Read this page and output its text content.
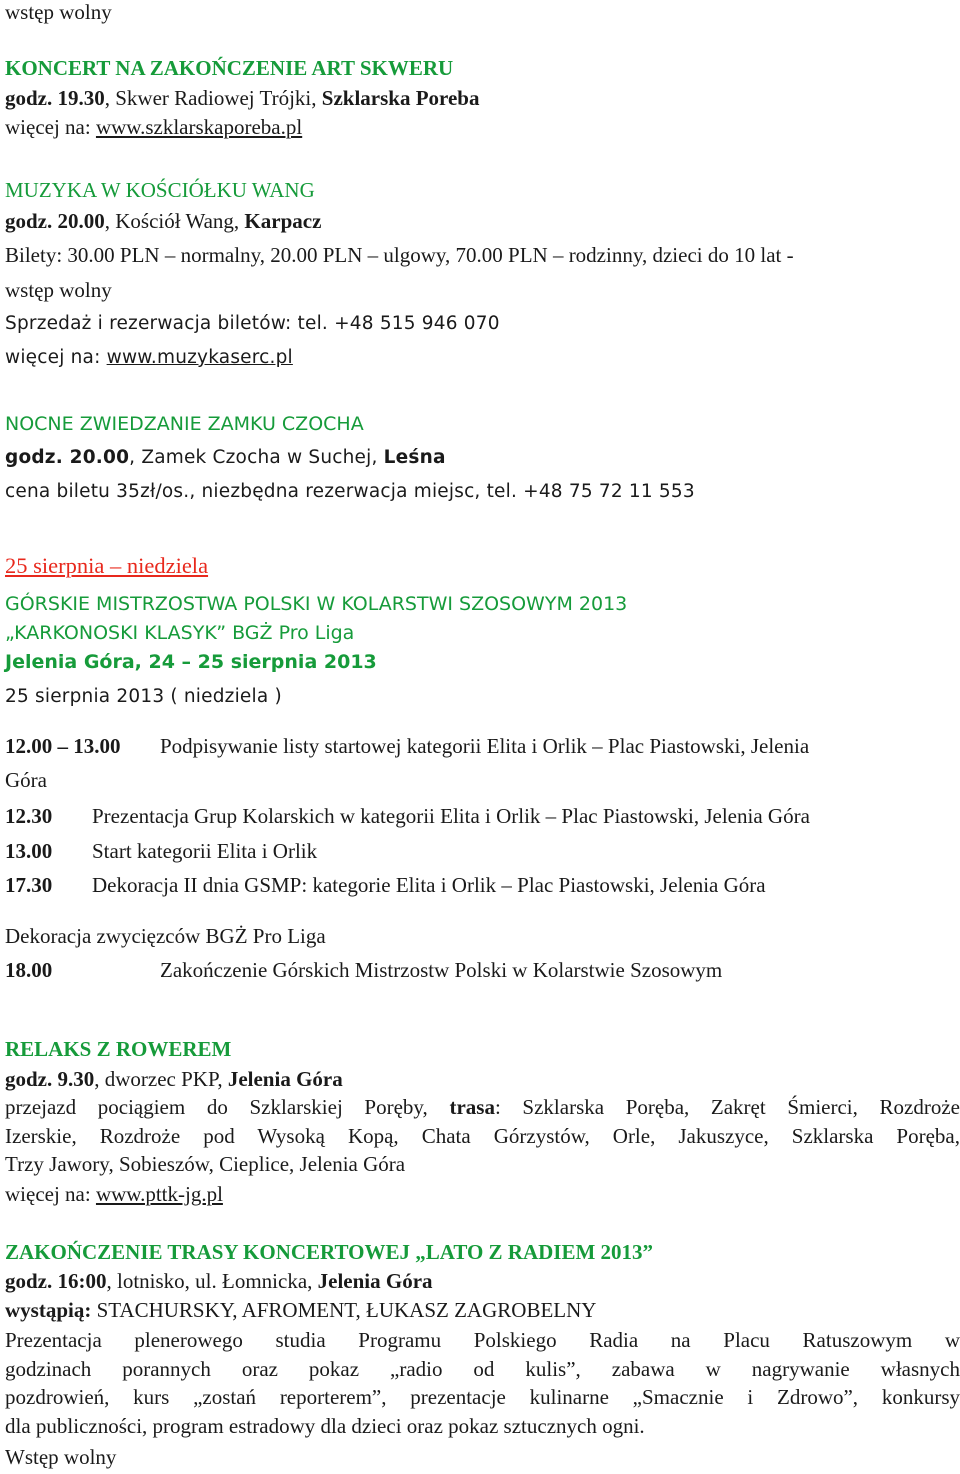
wstęp wolny
KONCERT NA ZAKOŃCZENIE ART SKWERU
godz. 19.30, Skwer Radiowej Trójki, Szklarska Poreba
więcej na: www.szklarskaporeba.pl
MUZYKA W KOŚCIÓŁKU WANG
godz. 20.00, Kościół Wang, Karpacz
Bilety: 30.00 PLN – normalny, 20.00 PLN – ulgowy, 70.00 PLN – rodzinny, dzieci do 10 lat -
wstęp wolny
Sprzedaż i rezerwacja biletów: tel. +48 515 946 070
więcej na: www.muzykaserc.pl
NOCNE ZWIEDZANIE ZAMKU CZOCHA
godz. 20.00, Zamek Czocha w Suchej, Leśna
cena biletu 35zł/os., niezbędna rezerwacja miejsc, tel. +48 75 72 11 553
25 sierpnia – niedziela
GÓRSKIE MISTRZOSTWA POLSKI W KOLARSTWI SZOSOWYM 2013
„KARKONOSKI KLASYK” BGŻ Pro Liga
Jelenia Góra, 24 – 25 sierpnia 2013
25 sierpnia 2013 ( niedziela )
12.00 – 13.00 Podpisywanie listy startowej kategorii Elita i Orlik – Plac Piastowski, Jelenia
Góra
12.30 Prezentacja Grup Kolarskich w kategorii Elita i Orlik – Plac Piastowski, Jelenia Góra
13.00 Start kategorii Elita i Orlik
17.30 Dekoracja II dnia GSMP: kategorie Elita i Orlik – Plac Piastowski, Jelenia Góra
Dekoracja zwycięzców BGŻ Pro Liga
18.00	Zakończenie Górskich Mistrzostw Polski w Kolarstwie Szosowym
RELAKS Z ROWEREM
godz. 9.30, dworzec PKP, Jelenia Góra
przejazd pociągiem do Szklarskiej Poręby, trasa: Szklarska Poręba, Zakręt Śmierci, Rozdroże
Izerskie, Rozdroże pod Wysoką Kopą, Chata Górzystów, Orle, Jakuszyce, Szklarska Poręba,
Trzy Jawory, Sobieszów, Cieplice, Jelenia Góra
więcej na: www.pttk-jg.pl
ZAKOŃCZENIE TRASY KONCERTOWEJ „LATO Z RADIEM 2013”
godz. 16:00, lotnisko, ul. Łomnicka, Jelenia Góra
wystąpią: STACHURSKY, AFROMENT, ŁUKASZ ZAGROBELNY
Prezentacja plenerowego studia Programu Polskiego Radia na Placu Ratuszowym w
godzinach porannych oraz pokaz „radio od kulis”, zabawa w nagrywanie własnych
pozdrowień, kurs „zostań reporterem”, prezentacje kulinarne „Smacznie i Zdrowo”, konkursy
dla publiczności, program estradowy dla dzieci oraz pokaz sztucznych ogni.
Wstęp wolny
